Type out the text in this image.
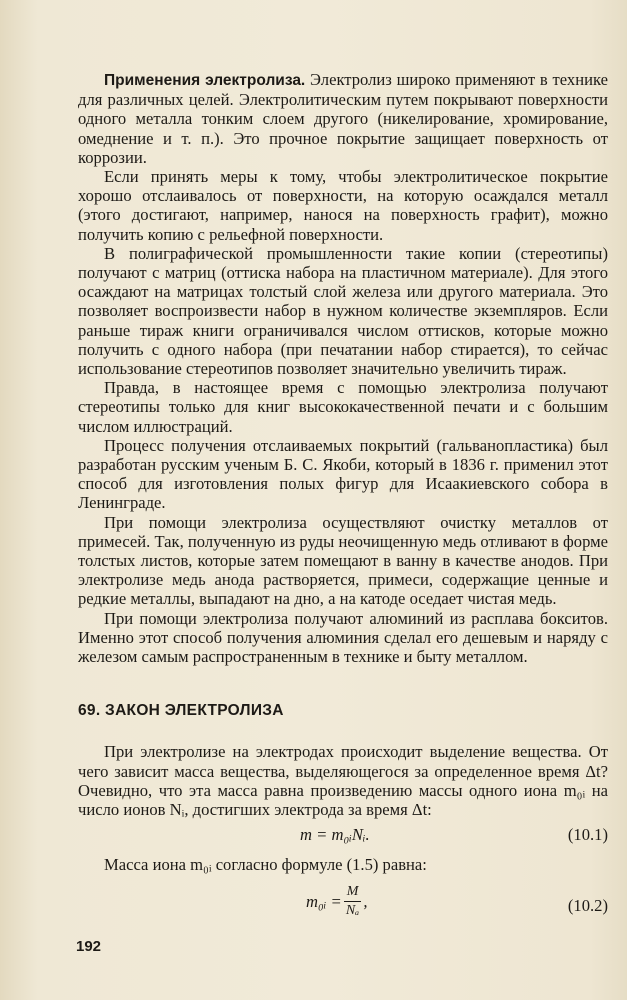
Применения электролиза. Электролиз широко применяют в технике для различных целей. Электролитическим путем покрывают поверхности одного металла тонким слоем другого (никелирование, хромирование, омеднение и т. п.). Это прочное покрытие защищает поверхность от коррозии.

Если принять меры к тому, чтобы электролитическое покрытие хорошо отслаивалось от поверхности, на которую осаждался металл (этого достигают, например, нанося на поверхность графит), можно получить копию с рельефной поверхности.

В полиграфической промышленности такие копии (стереотипы) получают с матриц (оттиска набора на пластичном материале). Для этого осаждают на матрицах толстый слой железа или другого материала. Это позволяет воспроизвести набор в нужном количестве экземпляров. Если раньше тираж книги ограничивался числом оттисков, которые можно получить с одного набора (при печатании набор стирается), то сейчас использование стереотипов позволяет значительно увеличить тираж.

Правда, в настоящее время с помощью электролиза получают стереотипы только для книг высококачественной печати и с большим числом иллюстраций.

Процесс получения отслаиваемых покрытий (гальванопластика) был разработан русским ученым Б. С. Якоби, который в 1836 г. применил этот способ для изготовления полых фигур для Исаакиевского собора в Ленинграде.

При помощи электролиза осуществляют очистку металлов от примесей. Так, полученную из руды неочищенную медь отливают в форме толстых листов, которые затем помещают в ванну в качестве анодов. При электролизе медь анода растворяется, примеси, содержащие ценные и редкие металлы, выпадают на дно, а на катоде оседает чистая медь.

При помощи электролиза получают алюминий из расплава бокситов. Именно этот способ получения алюминия сделал его дешевым и наряду с железом самым распространенным в технике и быту металлом.

69. ЗАКОН ЭЛЕКТРОЛИЗА

При электролизе на электродах происходит выделение вещества. От чего зависит масса вещества, выделяющегося за определенное время Δt? Очевидно, что эта масса равна произведению массы одного иона m₀ᵢ на число ионов Nᵢ, достигших электрода за время Δt:

m = m₀ᵢNᵢ.	(10.1)

Масса иона m₀ᵢ согласно формуле (1.5) равна:

m₀ᵢ = $\frac{M}{\text{Nₐ}}$ ,	(10.2)
192
